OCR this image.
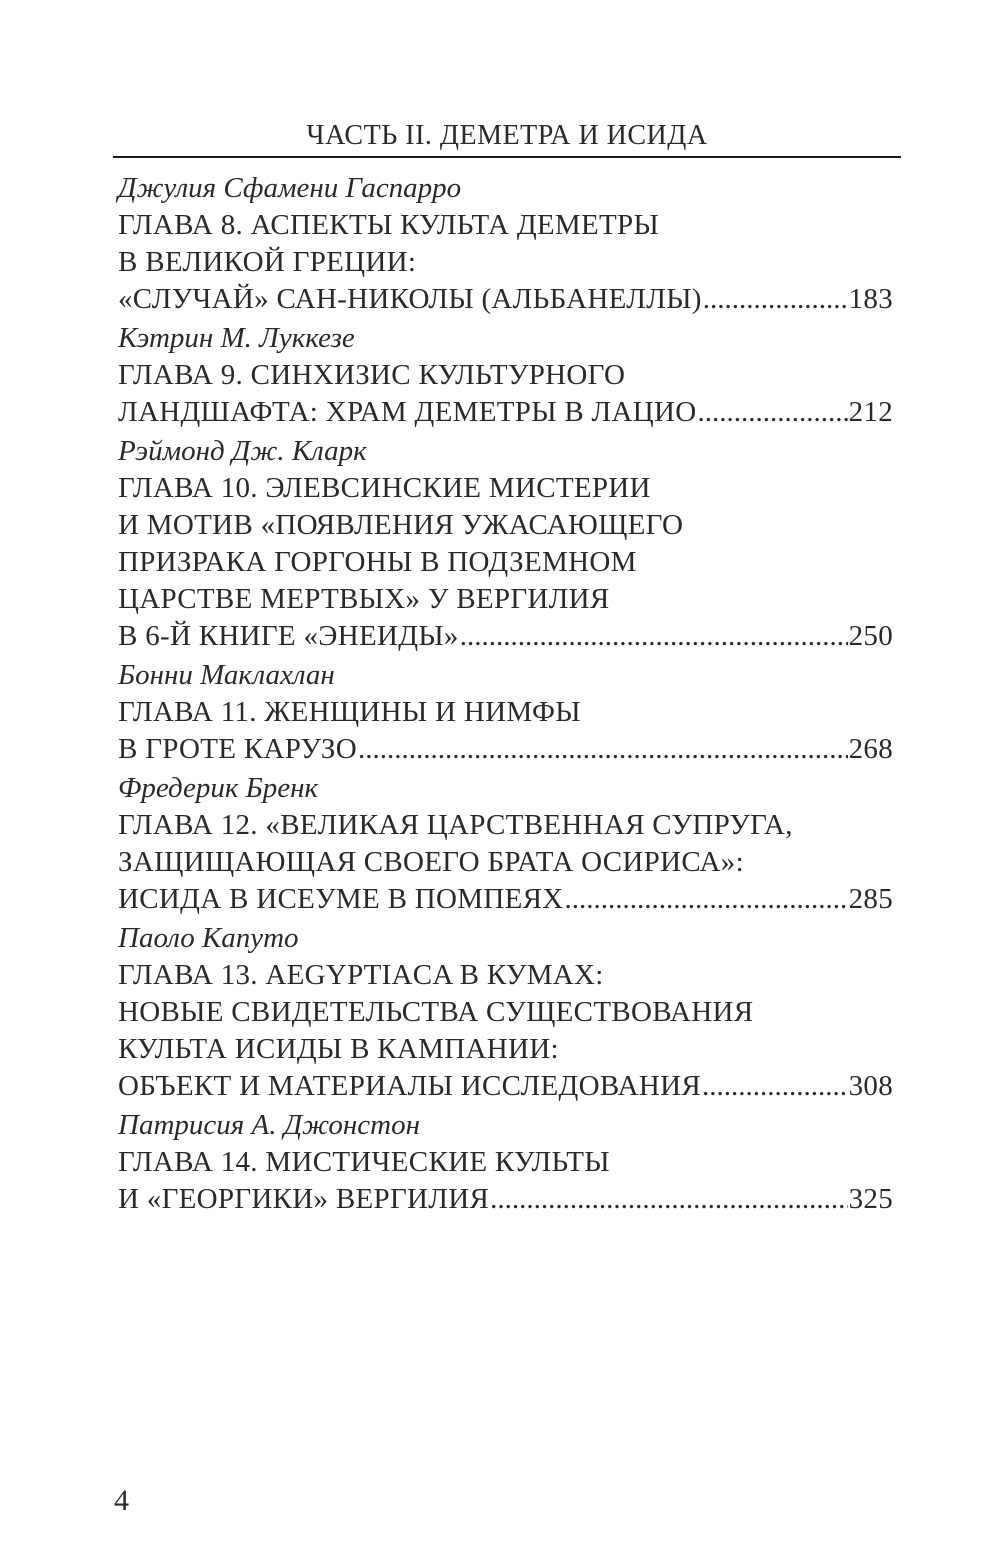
ЧАСТЬ II. ДЕМЕТРА И ИСИДА
Джулия Сфамени Гаспарро
ГЛАВА 8. АСПЕКТЫ КУЛЬТА ДЕМЕТРЫ
В ВЕЛИКОЙ ГРЕЦИИ:
«СЛУЧАЙ» САН-НИКОЛЫ (АЛЬБАНЕЛЛЫ) .....	183
Кэтрин М. Луккезе
ГЛАВА 9. СИНХИЗИС КУЛЬТУРНОГО
ЛАНДШАФТА: ХРАМ ДЕМЕТРЫ В ЛАЦИО .....	212
Рэймонд Дж. Кларк
ГЛАВА 10. ЭЛЕВСИНСКИЕ МИСТЕРИИ
И МОТИВ «ПОЯВЛЕНИЯ УЖАСАЮЩЕГО
ПРИЗРАКА ГОРГОНЫ В ПОДЗЕМНОМ
ЦАРСТВЕ МЕРТВЫХ» У ВЕРГИЛИЯ
В 6-Й КНИГЕ «ЭНЕИДЫ» .....	250
Бонни Маклахлан
ГЛАВА 11. ЖЕНЩИНЫ И НИМФЫ
В ГРОТЕ КАРУЗО .....	268
Фредерик Бренк
ГЛАВА 12. «ВЕЛИКАЯ ЦАРСТВЕННАЯ СУПРУГА,
ЗАЩИЩАЮЩАЯ СВОЕГО БРАТА ОСИРИСА»:
ИСИДА В ИСЕУМЕ В ПОМПЕЯХ .....	285
Паоло Капуто
ГЛАВА 13. AEGYPTIACA В КУМАХ:
НОВЫЕ СВИДЕТЕЛЬСТВА СУЩЕСТВОВАНИЯ
КУЛЬТА ИСИДЫ В КАМПАНИИ:
ОБЪЕКТ И МАТЕРИАЛЫ ИССЛЕДОВАНИЯ .....	308
Патрисия А. Джонстон
ГЛАВА 14. МИСТИЧЕСКИЕ КУЛЬТЫ
И «ГЕОРГИКИ» ВЕРГИЛИЯ .....	325
4
